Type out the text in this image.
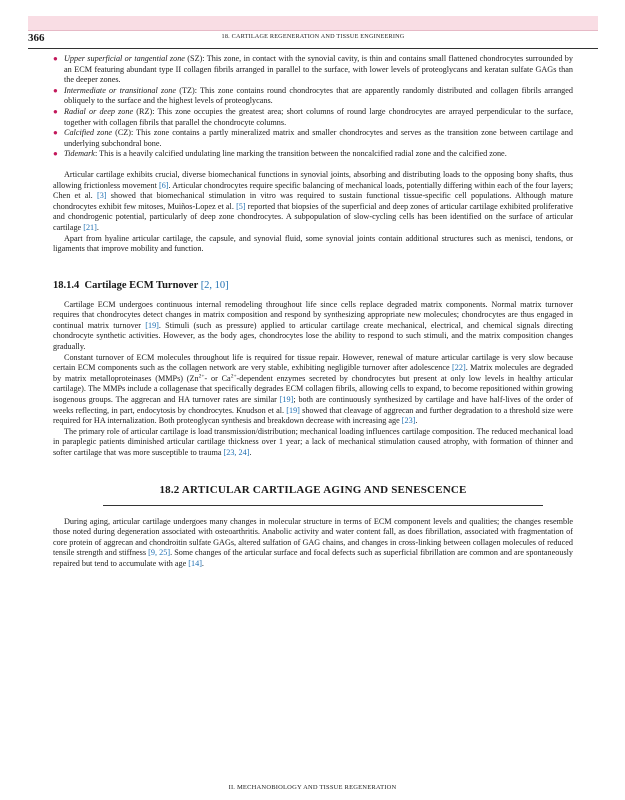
366	18. CARTILAGE REGENERATION AND TISSUE ENGINEERING
● Upper superficial or tangential zone (SZ): This zone, in contact with the synovial cavity, is thin and contains small flattened chondrocytes surrounded by an ECM featuring abundant type II collagen fibrils arranged in parallel to the surface, with lower levels of proteoglycans and keratan sulfate GAGs than the deeper zones.
● Intermediate or transitional zone (TZ): This zone contains round chondrocytes that are apparently randomly distributed and collagen fibrils arranged obliquely to the surface and the highest levels of proteoglycans.
● Radial or deep zone (RZ): This zone occupies the greatest area; short columns of round large chondrocytes are arrayed perpendicular to the surface, together with collagen fibrils that parallel the chondrocyte columns.
● Calcified zone (CZ): This zone contains a partly mineralized matrix and smaller chondrocytes and serves as the transition zone between cartilage and underlying subchondral bone.
● Tidemark: This is a heavily calcified undulating line marking the transition between the noncalcified radial zone and the calcified zone.

Articular cartilage exhibits crucial, diverse biomechanical functions in synovial joints, absorbing and distributing loads to the opposing bony shafts, thus allowing frictionless movement [6]. Articular chondrocytes require specific balancing of mechanical loads, potentially differing within each of the four layers; Chen et al. [3] showed that biomechanical stimulation in vitro was required to sustain functional tissue-specific cell populations. Although mature chondrocytes exhibit few mitoses, Muiños-Lopez et al. [5] reported that biopsies of the superficial and deep zones of articular cartilage exhibited proliferative and chondrogenic potential, particularly of deep zone chondrocytes. A subpopulation of slow-cycling cells has been identified on the surface of articular cartilage [21].

Apart from hyaline articular cartilage, the capsule, and synovial fluid, some synovial joints contain additional structures such as menisci, tendons, or ligaments that improve mobility and function.

18.1.4 Cartilage ECM Turnover [2, 10]

Cartilage ECM undergoes continuous internal remodeling throughout life since cells replace degraded matrix components. Normal matrix turnover requires that chondrocytes detect changes in matrix composition and respond by synthesizing appropriate new molecules; chondrocytes are thus engaged in continual matrix turnover [19]. Stimuli (such as pressure) applied to articular cartilage create mechanical, electrical, and chemical signals directing chondrocyte synthetic activities. However, as the body ages, chondrocytes lose the ability to respond to such stimuli, and the matrix composition changes gradually.

Constant turnover of ECM molecules throughout life is required for tissue repair. However, renewal of mature articular cartilage is very slow because certain ECM components such as the collagen network are very stable, exhibiting negligible turnover after adolescence [22]. Matrix molecules are degraded by matrix metalloproteinases (MMPs) ($Zn^{2+}-$ or $Ca^{2+}$-dependent enzymes secreted by chondrocytes but present at only low levels in healthy articular cartilage). The MMPs include a collagenase that specifically degrades ECM collagen fibrils, allowing cells to expand, to become repositioned within growing isogenous groups. The aggrecan and HA turnover rates are similar [19]; both are continuously synthesized by cartilage and have half-lives of the order of weeks reflecting, in part, endocytosis by chondrocytes. Knudson et al. [19] showed that cleavage of aggrecan and further degradation to a threshold size were required for HA internalization. Both proteoglycan synthesis and breakdown decrease with increasing age [23].

The primary role of articular cartilage is load transmission/distribution; mechanical loading influences cartilage composition. The reduced mechanical load in paraplegic patients diminished articular cartilage thickness over 1 year; a lack of mechanical stimulation caused atrophy, with formation of thinner and softer cartilage that was more susceptible to trauma [23, 24].

18.2 ARTICULAR CARTILAGE AGING AND SENESCENCE

During aging, articular cartilage undergoes many changes in molecular structure in terms of ECM component levels and qualities; the changes resemble those noted during degeneration associated with osteoarthritis. Anabolic activity and water content fall, as does fibrillation, associated with fragmentation of core protein of aggrecan and chondroitin sulfate GAGs, altered sulfation of GAG chains, and changes in cross-linking between collagen molecules of reduced tensile strength and stiffness [9, 25]. Some changes of the articular surface and focal defects such as superficial fibrillation are common and are spontaneously repaired but tend to accumulate with age [14].

II. MECHANOBIOLOGY AND TISSUE REGENERATION
